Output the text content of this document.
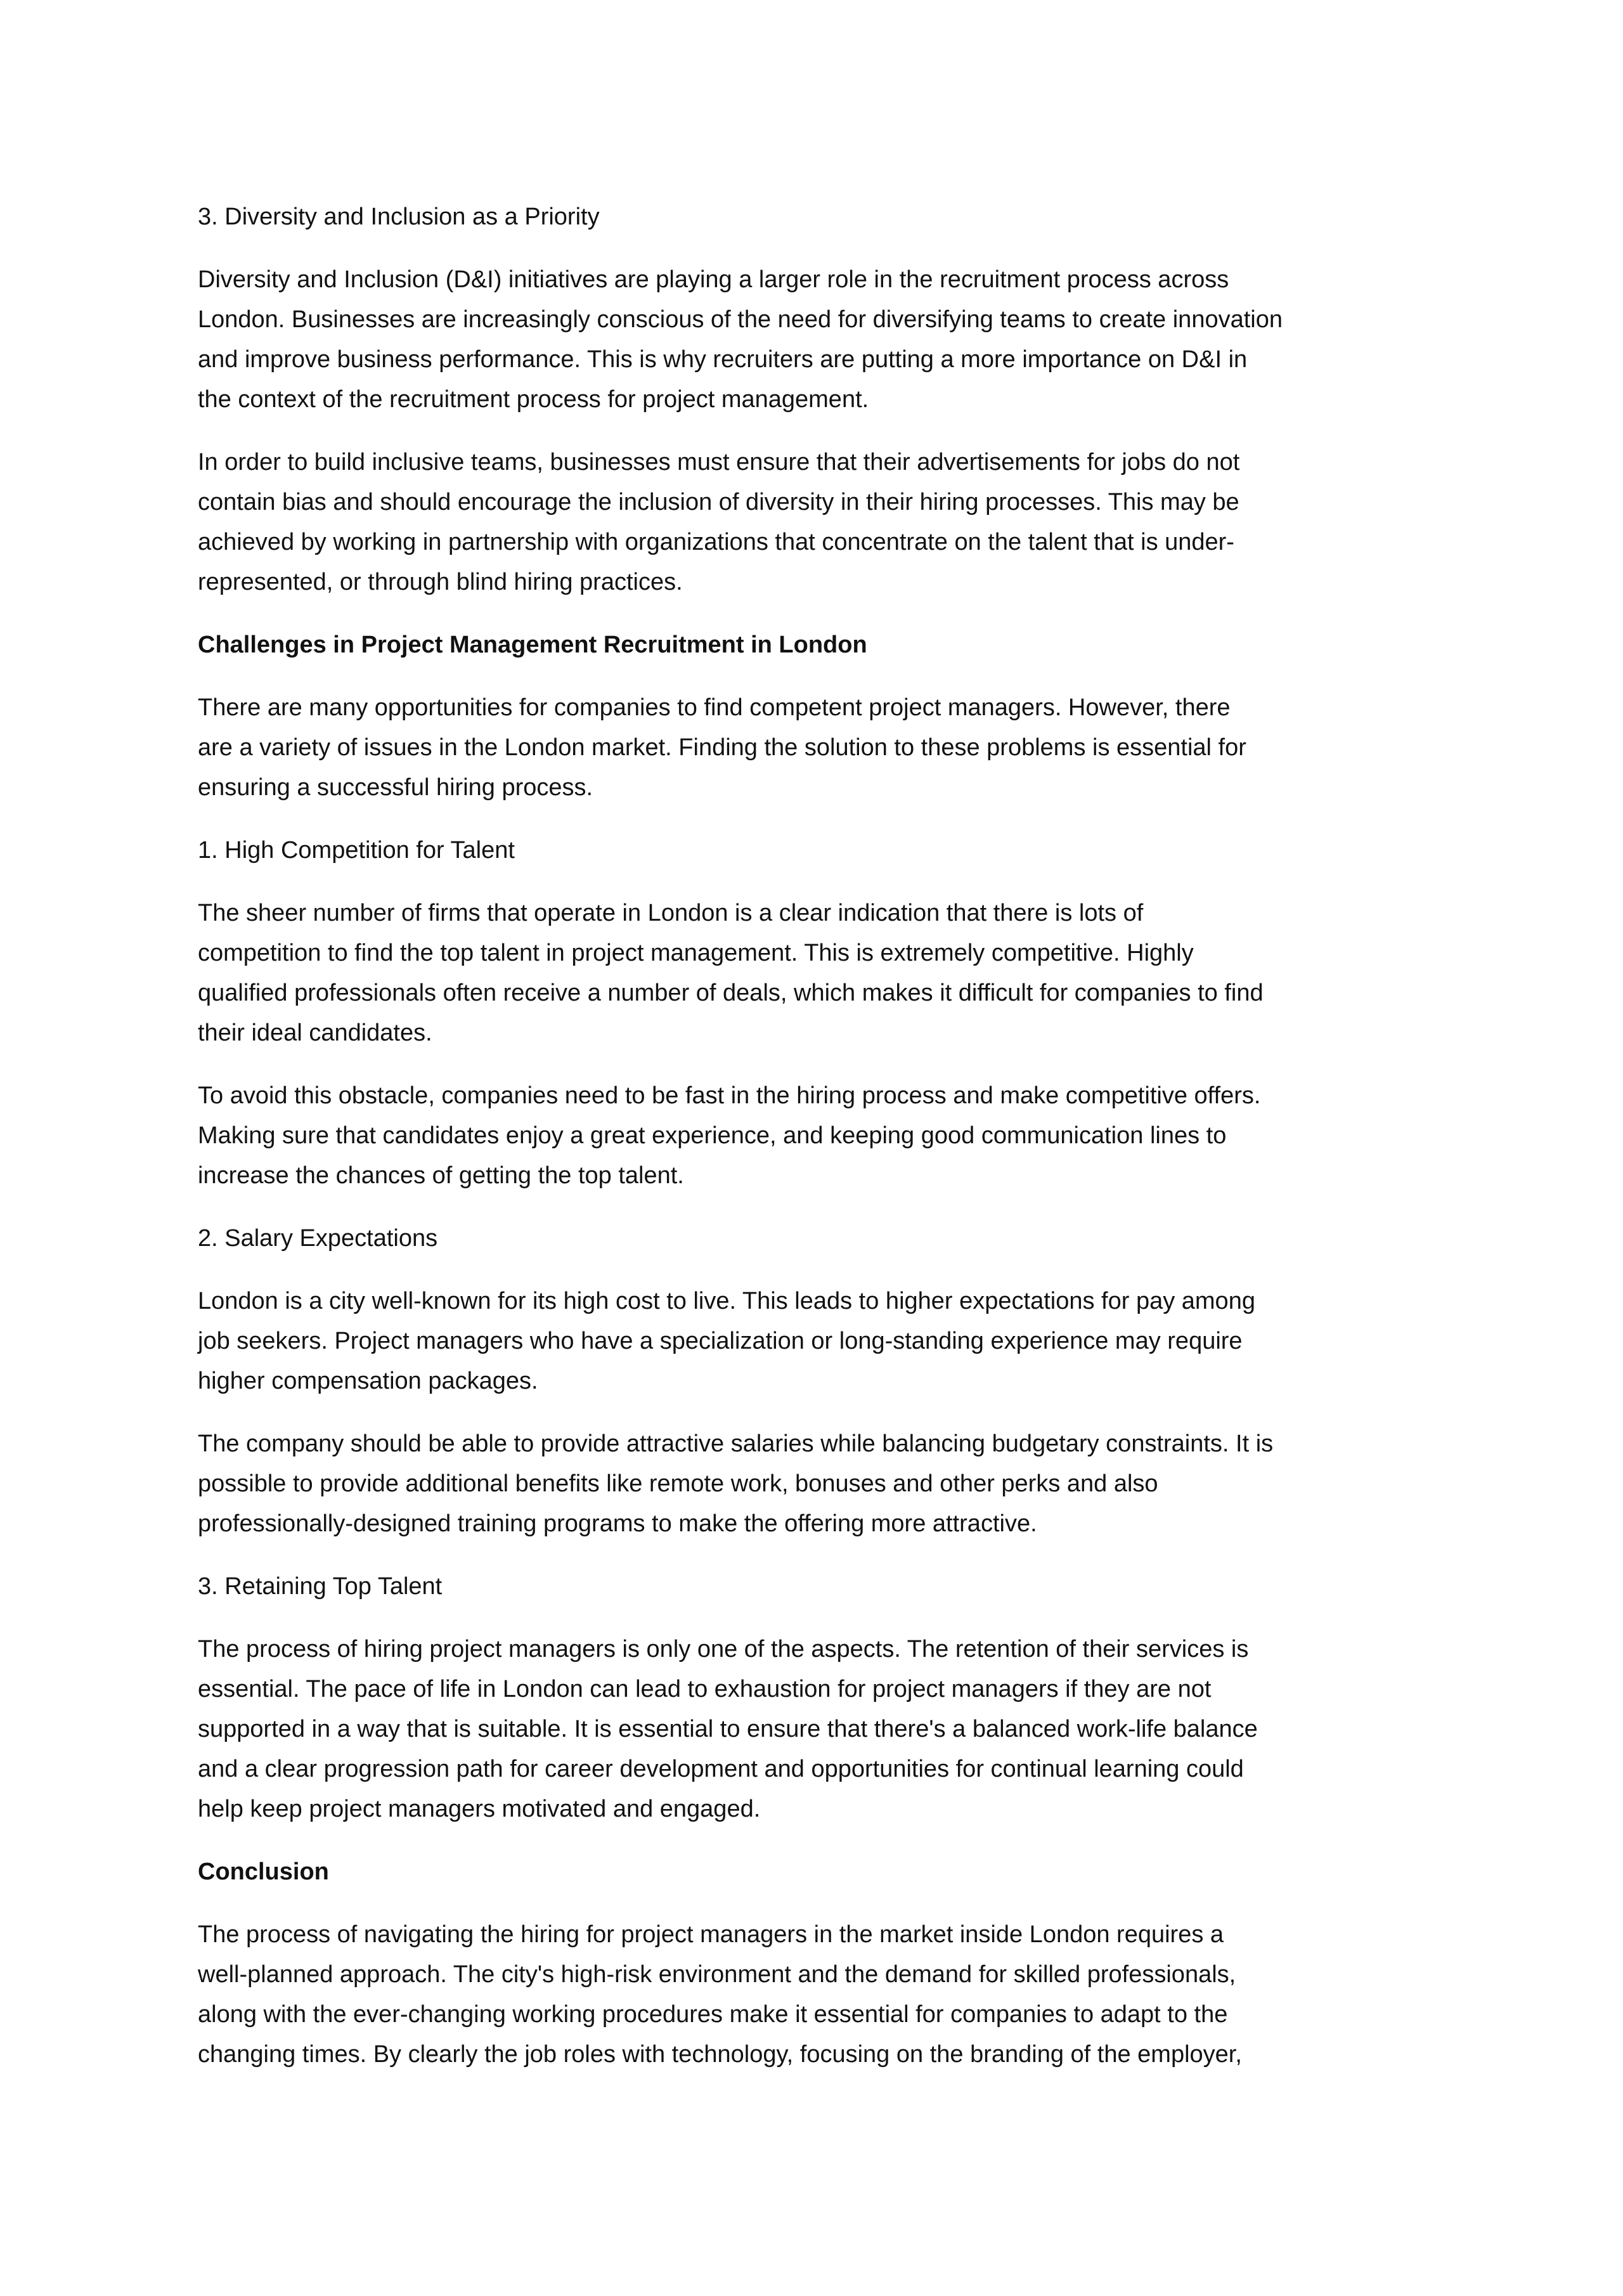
3. Diversity and Inclusion as a Priority
Diversity and Inclusion (D&I) initiatives are playing a larger role in the recruitment process across
London. Businesses are increasingly conscious of the need for diversifying teams to create innovation
and improve business performance. This is why recruiters are putting a more importance on D&I in
the context of the recruitment process for project management.
In order to build inclusive teams, businesses must ensure that their advertisements for jobs do not
contain bias and should encourage the inclusion of diversity in their hiring processes. This may be
achieved by working in partnership with organizations that concentrate on the talent that is under-
represented, or through blind hiring practices.
Challenges in Project Management Recruitment in London
There are many opportunities for companies to find competent project managers. However, there
are a variety of issues in the London market. Finding the solution to these problems is essential for
ensuring a successful hiring process.
1. High Competition for Talent
The sheer number of firms that operate in London is a clear indication that there is lots of
competition to find the top talent in project management. This is extremely competitive. Highly
qualified professionals often receive a number of deals, which makes it difficult for companies to find
their ideal candidates.
To avoid this obstacle, companies need to be fast in the hiring process and make competitive offers.
Making sure that candidates enjoy a great experience, and keeping good communication lines to
increase the chances of getting the top talent.
2. Salary Expectations
London is a city well-known for its high cost to live. This leads to higher expectations for pay among
job seekers. Project managers who have a specialization or long-standing experience may require
higher compensation packages.
The company should be able to provide attractive salaries while balancing budgetary constraints. It is
possible to provide additional benefits like remote work, bonuses and other perks and also
professionally-designed training programs to make the offering more attractive.
3. Retaining Top Talent
The process of hiring project managers is only one of the aspects. The retention of their services is
essential. The pace of life in London can lead to exhaustion for project managers if they are not
supported in a way that is suitable. It is essential to ensure that there's a balanced work-life balance
and a clear progression path for career development and opportunities for continual learning could
help keep project managers motivated and engaged.
Conclusion
The process of navigating the hiring for project managers in the market inside London requires a
well-planned approach. The city's high-risk environment and the demand for skilled professionals,
along with the ever-changing working procedures make it essential for companies to adapt to the
changing times. By clearly the job roles with technology, focusing on the branding of the employer,
